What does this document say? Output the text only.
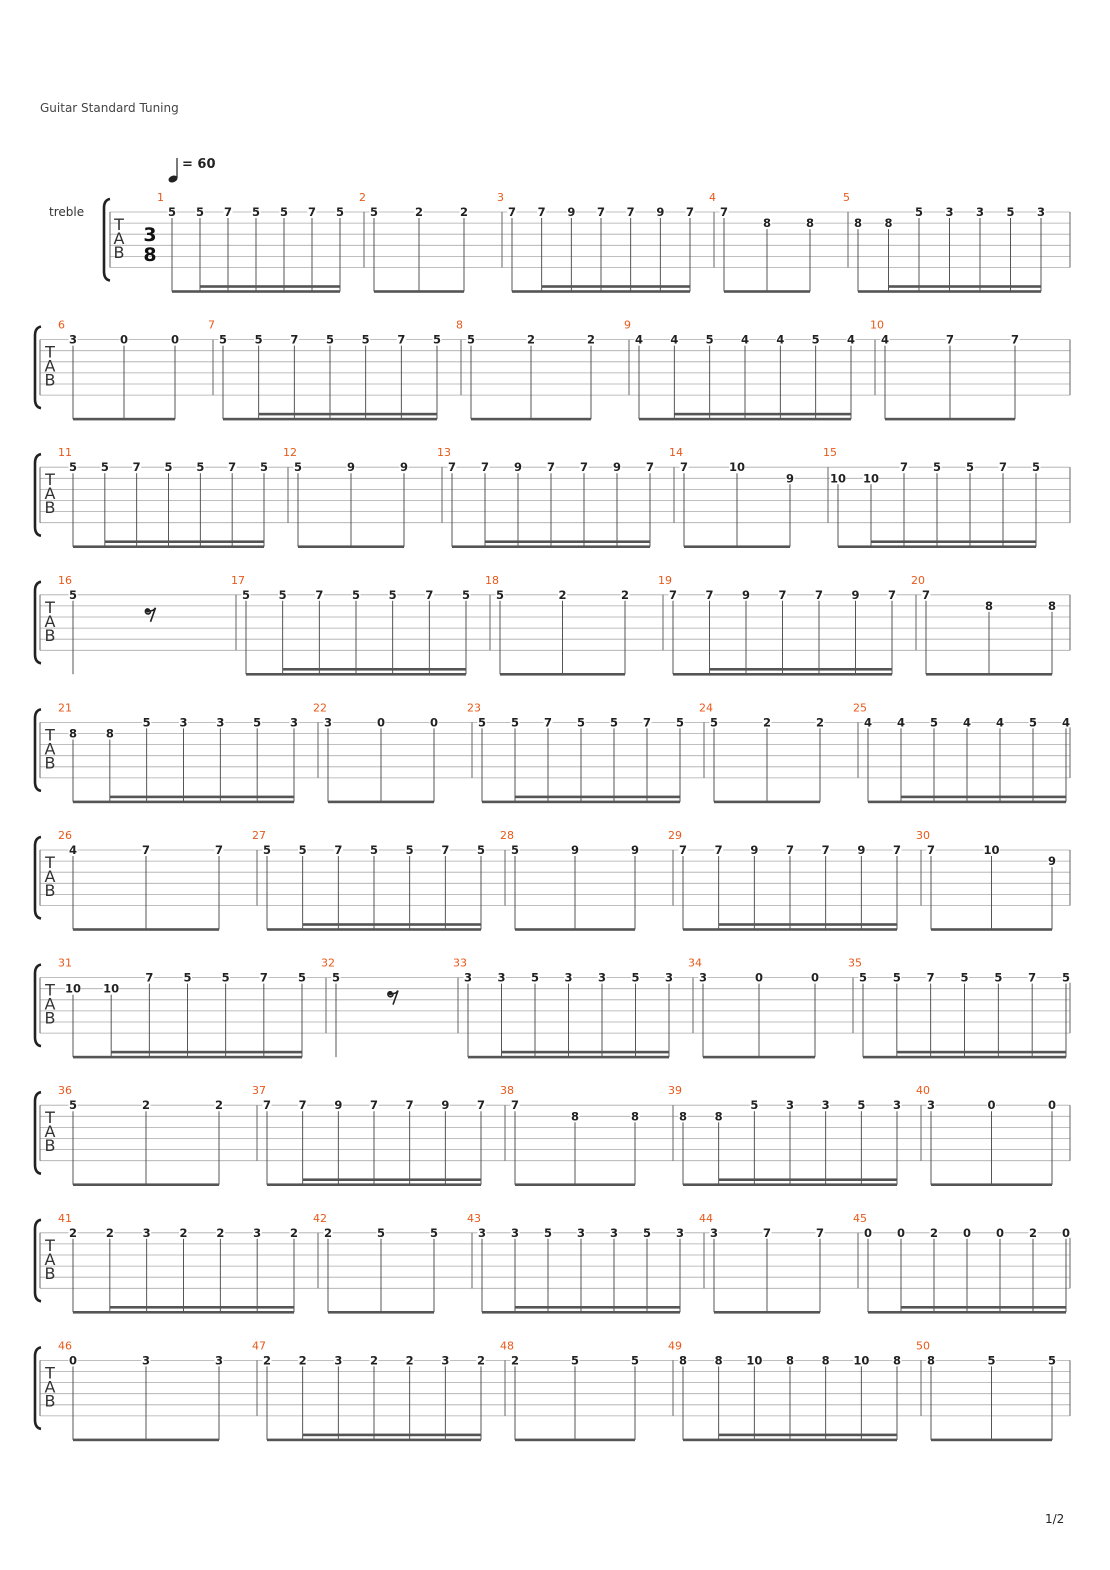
Guitar Standard Tuning
= 60
treble
T
A
B
3
8
1
5 5 7 5 5 7 5
2
5	2	2
3
7 7 9 7 7 9 7
4
7
8	8
5
8 8
5 3 3 5 3
T
A
B
6
3	0	0
7
5 5 7 5 5 7 5
8
5	2	2
9
4 4 5 4 4 5 4
10
4	7	7
T
A
B
11
5 5 7 5 5 7 5
12
5	9	9
13
7 7 9 7 7 9 7
14
7	10
9
15
10 10
7 5 5 7 5
T
A
B
16
5
17
5 5 7 5 5 7 5
18
5	2	2
19
7 7 9 7 7 9 7
20
7
8	8
T
A
B
21
8	8
5	3	3	5	3
22
3	0	0
23
5 5 7 5 5 7 5
24
5	2	2
25
4 4 5 4 4 5 4
T
A
B
26
4	7	7
27
5 5 7 5 5 7 5
28
5	9	9
29
7 7 9 7 7 9 7
30
7	10
9
T
A
B
31
10 10
7	5	5	7	5
32
5
33
3 3 5 3 3 5 3
34
3	0	0
35
5 5 7 5 5 7 5
T
A
B
36
5	2	2
37
7 7 9 7 7 9 7
38
7
8	8
39
8 8
5 3 3 5 3
40
3	0	0
T
A
B
41
2	2	3	2	2	3	2
42
2	5	5
43
3 3 5 3 3 5 3
44
3	7	7
45
0 0 2 0 0 2 0
T
A
B
46
0	3	3
47
2 2 3 2 2 3 2
48
2	5	5
49
8 8 10 8 8 10 8
50
8	5	5
1/2
